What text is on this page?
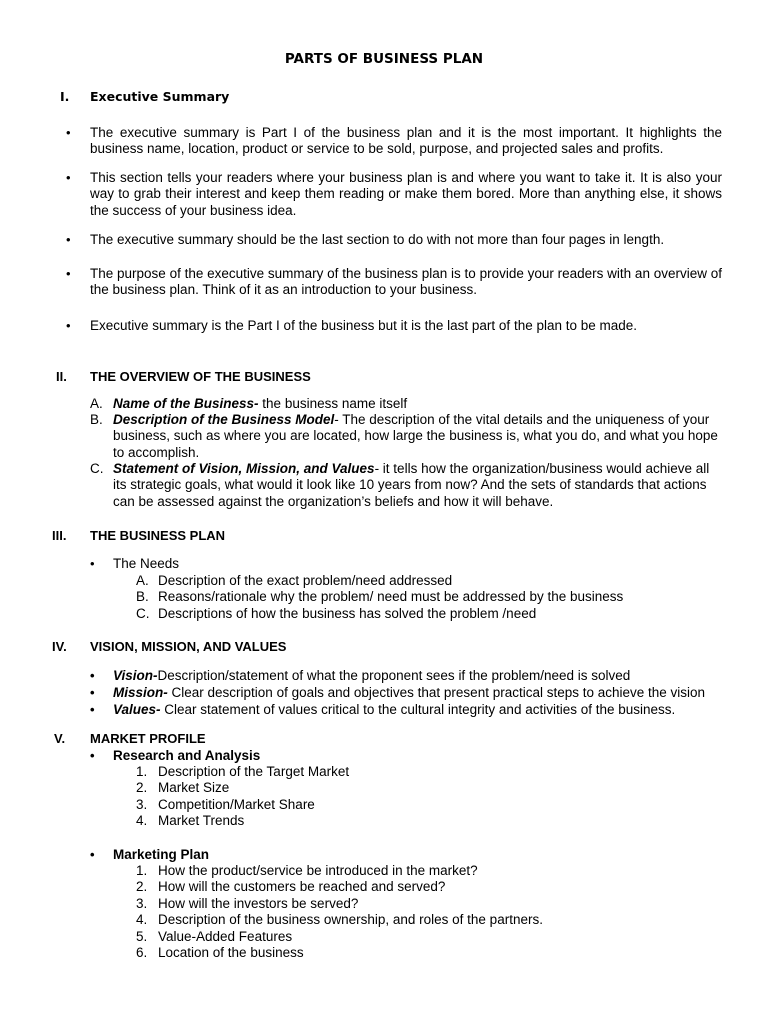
PARTS OF BUSINESS PLAN
I. Executive Summary
• The executive summary is Part I of the business plan and it is the most important. It highlights the business name, location, product or service to be sold, purpose, and projected sales and profits.
• This section tells your readers where your business plan is and where you want to take it. It is also your way to grab their interest and keep them reading or make them bored. More than anything else, it shows the success of your business idea.
• The executive summary should be the last section to do with not more than four pages in length.
• The purpose of the executive summary of the business plan is to provide your readers with an overview of the business plan. Think of it as an introduction to your business.
• Executive summary is the Part I of the business but it is the last part of the plan to be made.
II. THE OVERVIEW OF THE BUSINESS
A. Name of the Business- the business name itself
B. Description of the Business Model- The description of the vital details and the uniqueness of your business, such as where you are located, how large the business is, what you do, and what you hope to accomplish.
C. Statement of Vision, Mission, and Values- it tells how the organization/business would achieve all its strategic goals, what would it look like 10 years from now? And the sets of standards that actions can be assessed against the organization’s beliefs and how it will behave.
III. THE BUSINESS PLAN
• The Needs
A. Description of the exact problem/need addressed
B. Reasons/rationale why the problem/ need must be addressed by the business
C. Descriptions of how the business has solved the problem /need
IV. VISION, MISSION, AND VALUES
• Vision-Description/statement of what the proponent sees if the problem/need is solved
• Mission- Clear description of goals and objectives that present practical steps to achieve the vision
• Values- Clear statement of values critical to the cultural integrity and activities of the business.
V. MARKET PROFILE
• Research and Analysis
1. Description of the Target Market
2. Market Size
3. Competition/Market Share
4. Market Trends
• Marketing Plan
1. How the product/service be introduced in the market?
2. How will the customers be reached and served?
3. How will the investors be served?
4. Description of the business ownership, and roles of the partners.
5. Value-Added Features
6. Location of the business
